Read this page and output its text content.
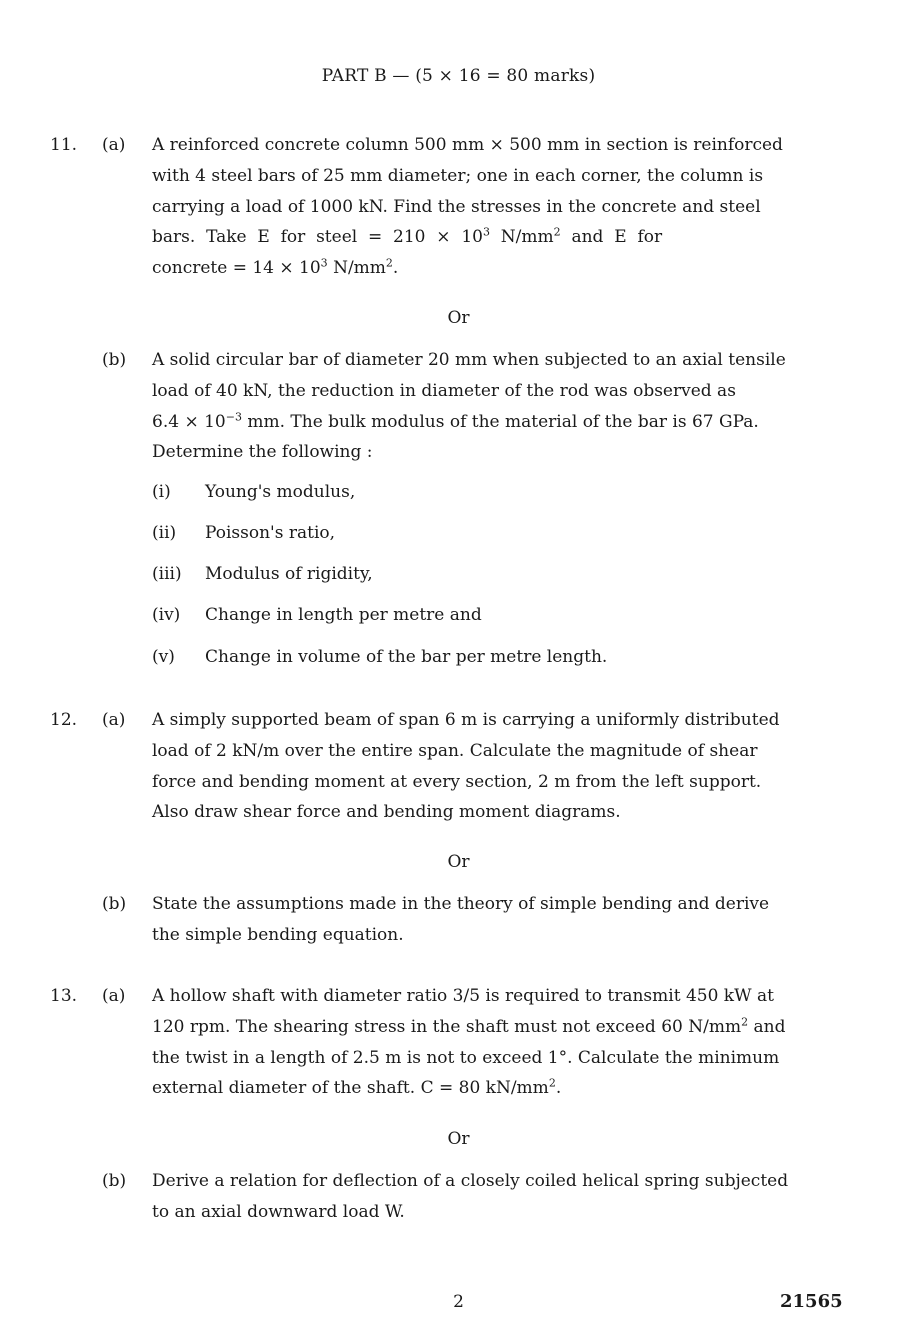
PART B — (5 × 16 = 80 marks)
11. (a) A reinforced concrete column 500 mm × 500 mm in section is reinforced
with 4 steel bars of 25 mm diameter; one in each corner, the column is
carrying a load of 1000 kN. Find the stresses in the concrete and steel
bars.  Take  E  for  steel  =  $210 \times 10^3$  $N/mm^2$  and  E  for
concrete = $14 \times 10^3$ $N/mm^2$.
Or
(b) A solid circular bar of diameter 20 mm when subjected to an axial tensile
load of 40 kN, the reduction in diameter of the rod was observed as
$6.4 \times 10^{-3}$ mm. The bulk modulus of the material of the bar is 67 GPa.
Determine the following :
(i) Young's modulus,
(ii) Poisson's ratio,
(iii) Modulus of rigidity,
(iv) Change in length per metre and
(v) Change in volume of the bar per metre length.
12. (a) A simply supported beam of span 6 m is carrying a uniformly distributed
load of 2 kN/m over the entire span. Calculate the magnitude of shear
force and bending moment at every section, 2 m from the left support.
Also draw shear force and bending moment diagrams.
Or
(b) State the assumptions made in the theory of simple bending and derive
the simple bending equation.
13. (a) A hollow shaft with diameter ratio 3/5 is required to transmit 450 kW at
120 rpm. The shearing stress in the shaft must not exceed 60 $N/mm^2$ and
the twist in a length of 2.5 m is not to exceed 1°. Calculate the minimum
external diameter of the shaft. C = 80 $kN/mm^2$.
Or
(b) Derive a relation for deflection of a closely coiled helical spring subjected
to an axial downward load W.
2	21565
